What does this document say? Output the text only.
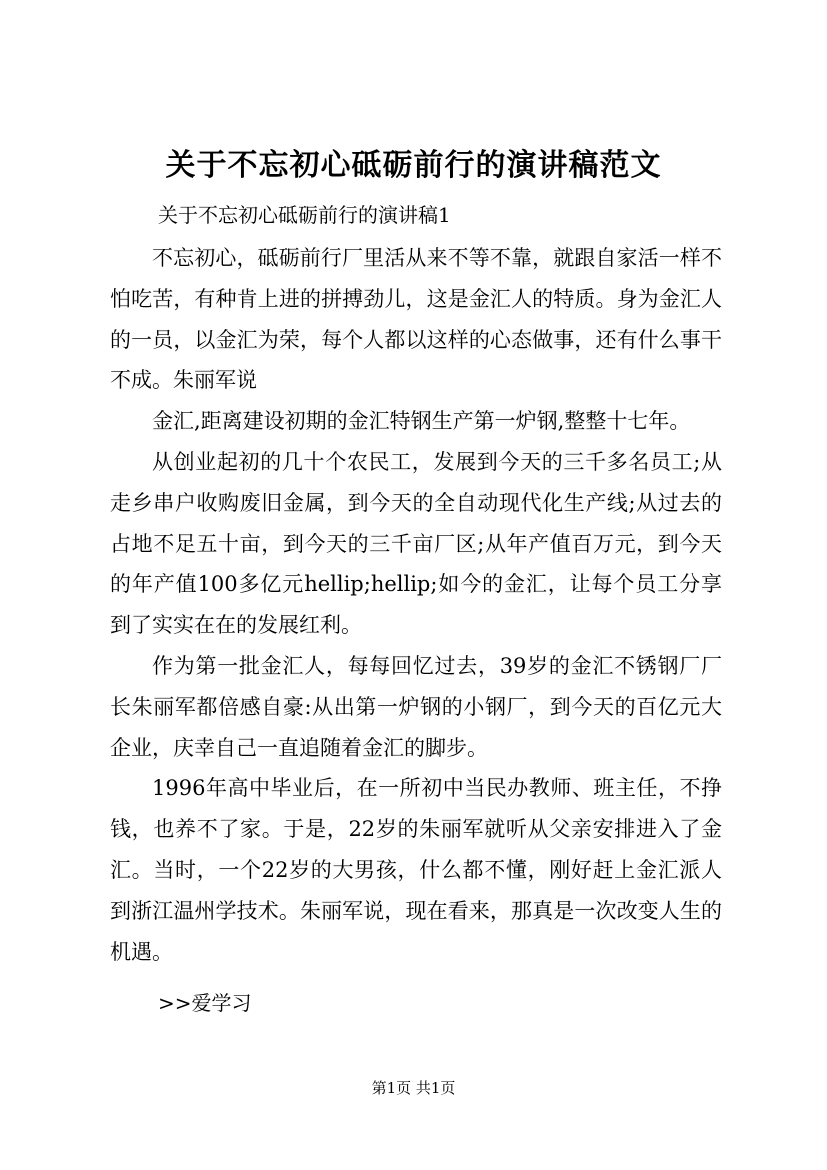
关于不忘初心砥砺前行的演讲稿范文
关于不忘初心砥砺前行的演讲稿1

不忘初心，砥砺前行厂里活从来不等不靠，就跟自家活一样不怕吃苦，有种肯上进的拼搏劲儿，这是金汇人的特质。身为金汇人的一员，以金汇为荣，每个人都以这样的心态做事，还有什么事干不成。朱丽军说

金汇,距离建设初期的金汇特钢生产第一炉钢,整整十七年。

从创业起初的几十个农民工，发展到今天的三千多名员工;从走乡串户收购废旧金属，到今天的全自动现代化生产线;从过去的占地不足五十亩，到今天的三千亩厂区;从年产值百万元，到今天的年产值100多亿元hellip;hellip;如今的金汇，让每个员工分享到了实实在在的发展红利。

作为第一批金汇人，每每回忆过去，39岁的金汇不锈钢厂厂长朱丽军都倍感自豪:从出第一炉钢的小钢厂，到今天的百亿元大企业，庆幸自己一直追随着金汇的脚步。

1996年高中毕业后，在一所初中当民办教师、班主任，不挣钱，也养不了家。于是，22岁的朱丽军就听从父亲安排进入了金汇。当时，一个22岁的大男孩，什么都不懂，刚好赶上金汇派人到浙江温州学技术。朱丽军说，现在看来，那真是一次改变人生的机遇。

>>爱学习
第1页 共1页
